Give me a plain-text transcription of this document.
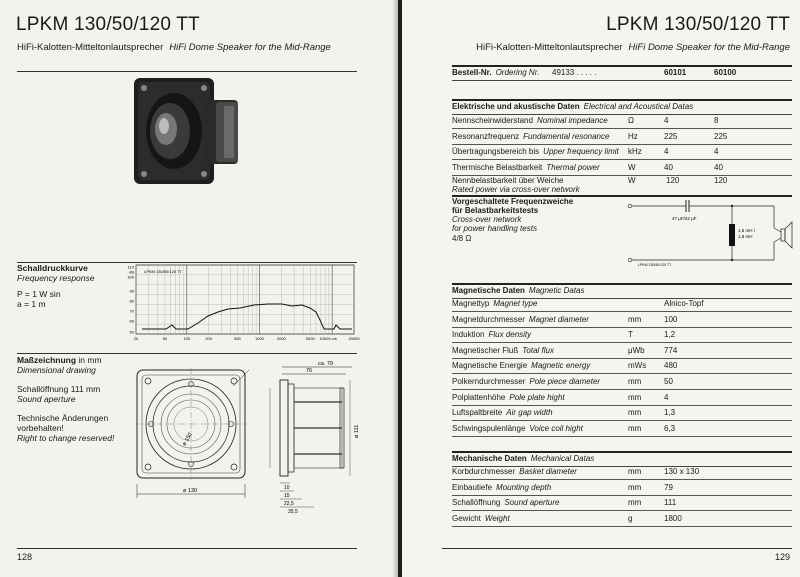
LPKM 130/50/120 TT
HiFi-Kalotten-Mitteltonlautsprecher HiFi Dome Speaker for the Mid-Range
Schalldruckkurve
Frequency response
P = 1 W sin
a = 1 m
110
dB
100
90
80
70
60
50
20	50	100	200	500	1000	2000	5000 10000 c/s	20000
LPKM 130/50/120 TT
Maßzeichnung in mm
Dimensional drawing
Schallöffnung 111 mm
Sound aperture
Technische Änderungen
vorbehalten!
Right to change reserved!	ø 150
ø 130
ca. 79
76
ø 111
10
15
22,5
35,5
128
LPKM 130/50/120 TT
HiFi-Kalotten-Mitteltonlautsprecher HiFi Dome Speaker for the Mid-Range
Bestell-Nr. Ordering Nr. 49133 . . . . .	60101	60100
Elektrische und akustische Daten Electrical and Acoustical Datas
Nennscheinwiderstand Nominal impedance	Ω	4	8
Resonanzfrequenz Fundamental resonance Hz	225	225
Übertragungsbereich bis Upper frequency limit kHz	4	4
Thermische Belastbarkeit Thermal power	W	40	40
Nennbelastbarkeit über Weiche
Rated power via cross-over network
W	120	120
Vorgeschaltete Frequenzweiche
für Belastbarkeitstests
Cross-over network
for power handling tests
4/8 Ω
47 μF/22 μF
1,5 mH /
1,8 mH
LPKM 130/50/120 TT
Magnetische Daten Magnetic Datas
Magnettyp Magnet type	Alnico-Topf
Magnetdurchmesser Magnet diameter	mm	100
Induktion Flux density	T	1,2
Magnetischer Fluß Total flux	μWb 774
Magnetische Energie Magnetic energy	mWs 480
Polkerndurchmesser Pole piece diameter	mm	50
Polplattenhöhe Pole plate hight	mm	4
Luftspaltbreite Air gap width	mm	1,3
Schwingspulenlänge Voice coil hight	mm	6,3
Mechanische Daten Mechanical Datas
Korbdurchmesser Basket diameter	mm	130 x 130
Einbautiefe Mounting depth	mm	79
Schallöffnung Sound aperture	mm	111
Gewicht Weight	g	1800
129
